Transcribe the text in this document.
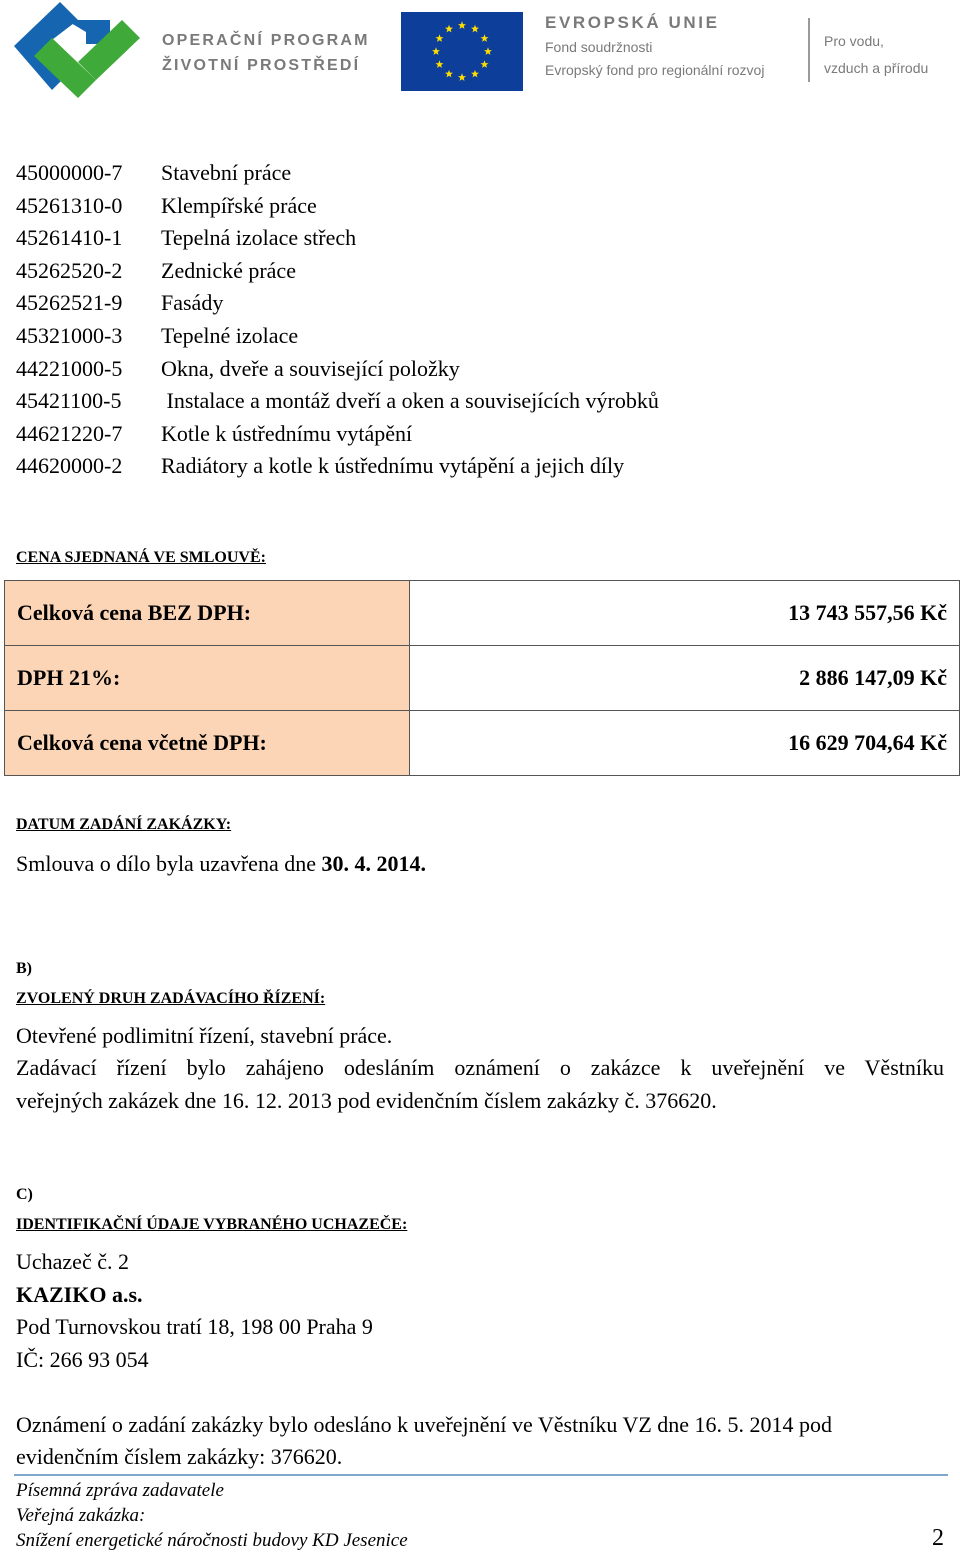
OPERAČNÍ PROGRAM
ŽIVOTNÍ PROSTŘEDÍ
EVROPSKÁ UNIE
Fond soudržnosti
Evropský fond pro regionální rozvoj
Pro vodu,
vzduch a přírodu
45000000-7 Stavební práce
45261310-0 Klempířské práce
45261410-1 Tepelná izolace střech
45262520-2 Zednické práce
45262521-9 Fasády
45321000-3 Tepelné izolace
44221000-5 Okna, dveře a související položky
45421100-5 Instalace a montáž dveří a oken a souvisejících výrobků
44621220-7 Kotle k ústřednímu vytápění
44620000-2 Radiátory a kotle k ústřednímu vytápění a jejich díly
CENA SJEDNANÁ VE SMLOUVĚ:
Celková cena BEZ DPH:	13 743 557,56 Kč
DPH 21%:	2 886 147,09 Kč
Celková cena včetně DPH:	16 629 704,64 Kč
DATUM ZADÁNÍ ZAKÁZKY:
Smlouva o dílo byla uzavřena dne 30. 4. 2014.
B)
ZVOLENÝ DRUH ZADÁVACÍHO ŘÍZENÍ:
Otevřené podlimitní řízení, stavební práce.
Zadávací řízení bylo zahájeno odesláním oznámení o zakázce k uveřejnění ve Věstníku
veřejných zakázek dne 16. 12. 2013 pod evidenčním číslem zakázky č. 376620.
C)
IDENTIFIKAČNÍ ÚDAJE VYBRANÉHO UCHAZEČE:
Uchazeč č. 2
KAZIKO a.s.
Pod Turnovskou tratí 18, 198 00 Praha 9
IČ: 266 93 054
Oznámení o zadání zakázky bylo odesláno k uveřejnění ve Věstníku VZ dne 16. 5. 2014 pod
evidenčním číslem zakázky: 376620.
Písemná zpráva zadavatele
Veřejná zakázka:
Snížení energetické náročnosti budovy KD Jesenice	2
